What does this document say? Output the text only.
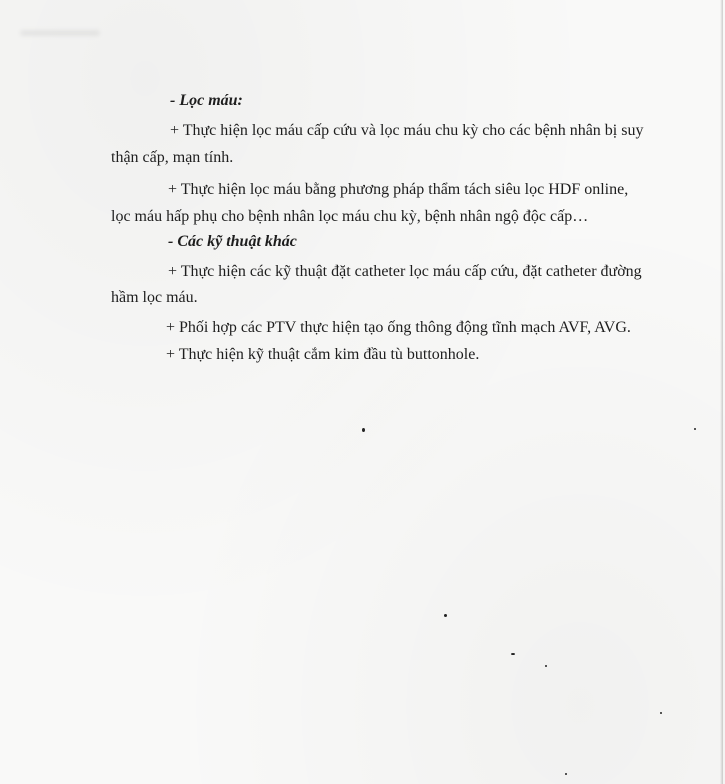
- Lọc máu:

+ Thực hiện lọc máu cấp cứu và lọc máu chu kỳ cho các bệnh nhân bị suy

thận cấp, mạn tính.

+ Thực hiện lọc máu bằng phương pháp thẩm tách siêu lọc HDF online,

lọc máu hấp phụ cho bệnh nhân lọc máu chu kỳ, bệnh nhân ngộ độc cấp…

- Các kỹ thuật khác

+ Thực hiện các kỹ thuật đặt catheter lọc máu cấp cứu, đặt catheter đường

hầm lọc máu.

+ Phối hợp các PTV thực hiện tạo ống thông động tĩnh mạch AVF, AVG.

+ Thực hiện kỹ thuật cắm kim đầu tù buttonhole.
